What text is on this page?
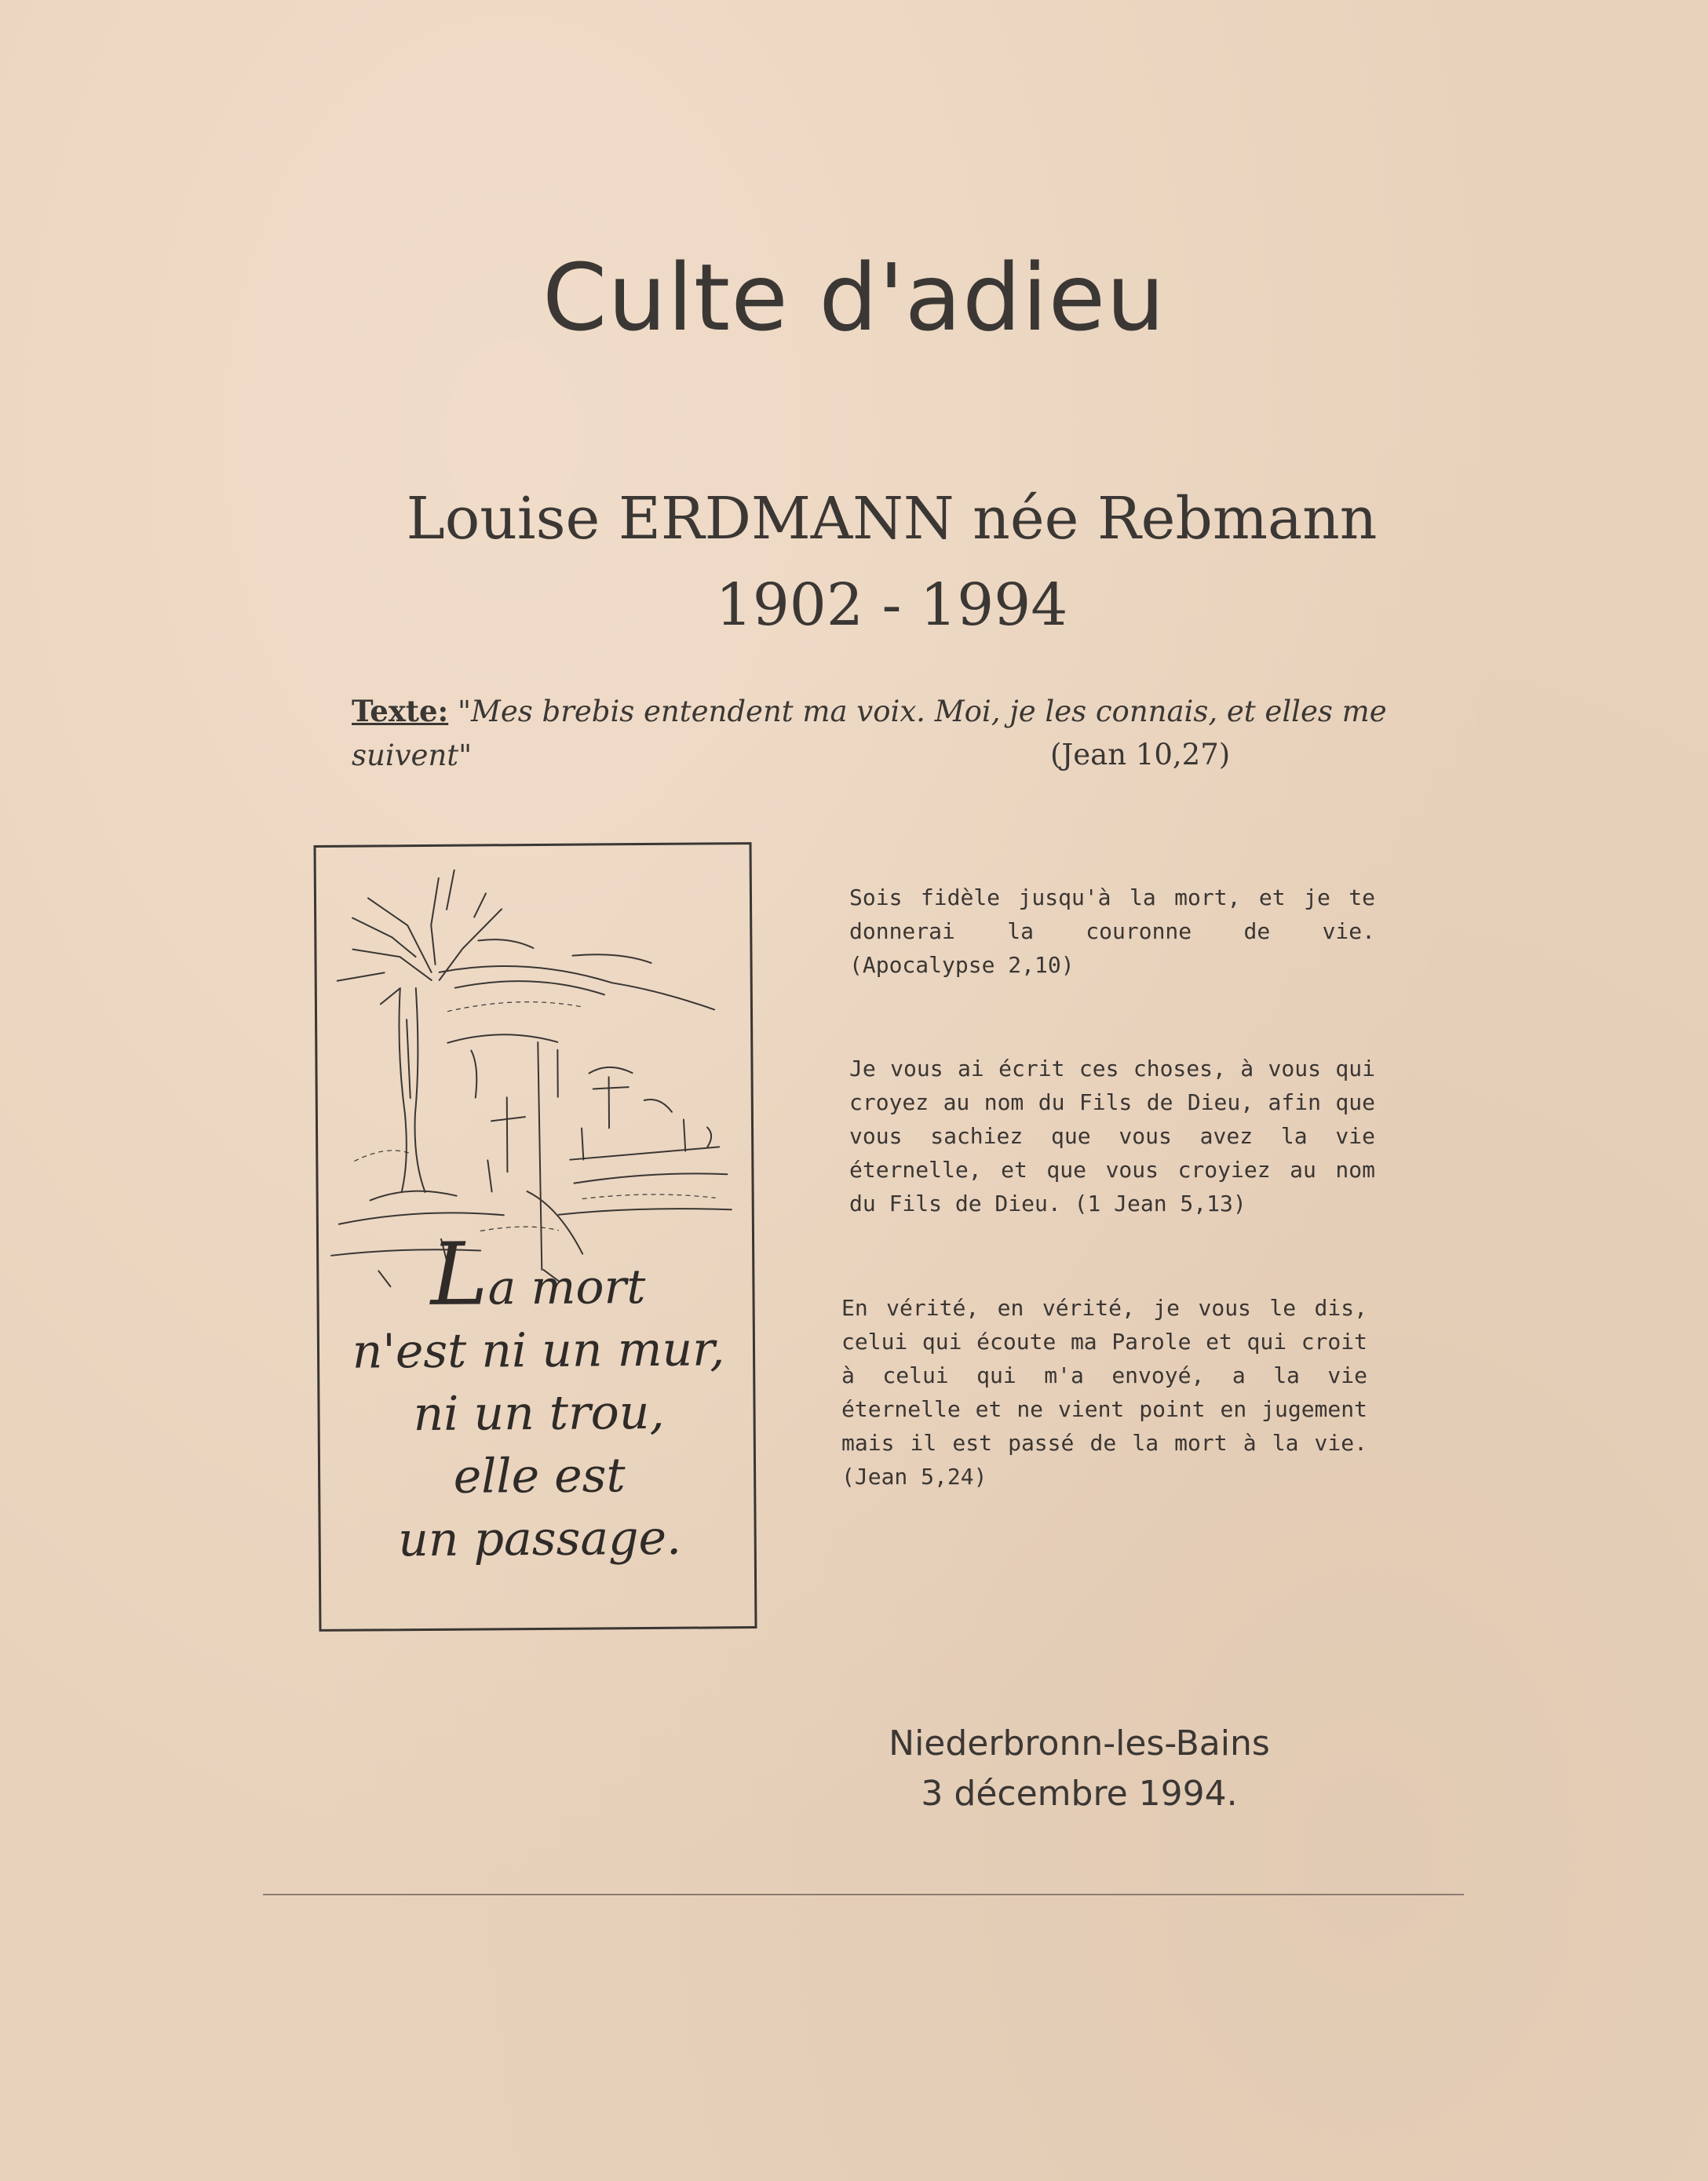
Culte d'adieu
Louise ERDMANN née Rebmann
1902 - 1994
Texte: "Mes brebis entendent ma voix. Moi, je les connais, et elles me suivent"	(Jean 10,27)
La mort
n'est ni un mur,
ni un trou,
elle est
un passage.
Sois fidèle jusqu'à la mort, et je te donnerai la couronne de vie. (Apocalypse 2,10)
Je vous ai écrit ces choses, à vous qui croyez au nom du Fils de Dieu, afin que vous sachiez que vous avez la vie éternelle, et que vous croyiez au nom du Fils de Dieu. (1 Jean 5,13)
En vérité, en vérité, je vous le dis, celui qui écoute ma Parole et qui croit à celui qui m'a envoyé, a la vie éternelle et ne vient point en jugement mais il est passé de la mort à la vie. (Jean 5,24)
Niederbronn-les-Bains
3 décembre 1994.
